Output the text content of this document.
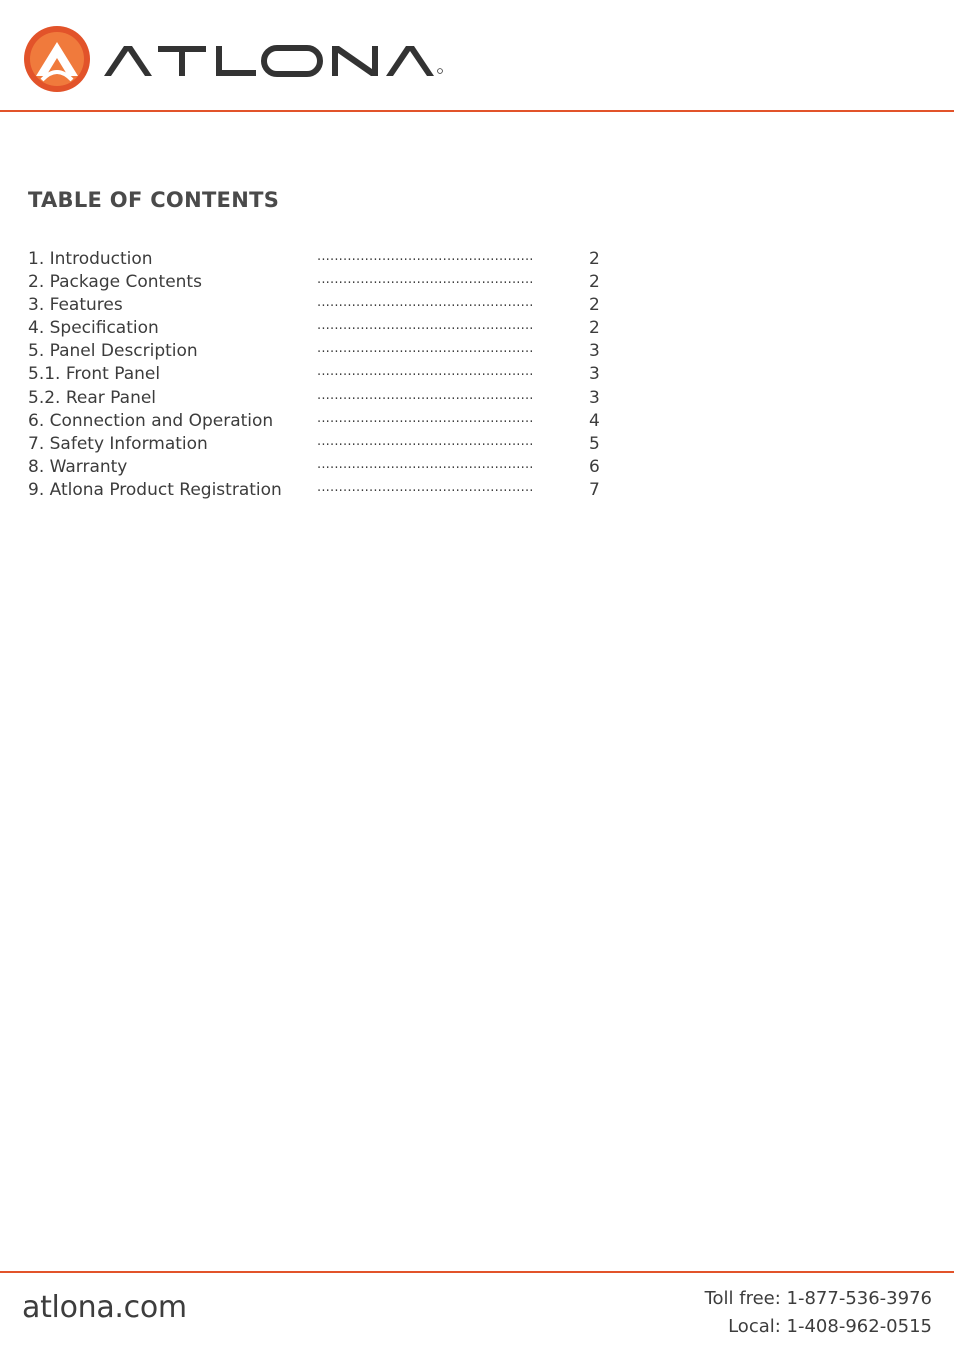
TABLE OF CONTENTS
1. Introduction	..................................................	2
2. Package Contents	..................................................	2
3. Features	..................................................	2
4. Specification	..................................................	2
5. Panel Description	..................................................	3
5.1. Front Panel	..................................................	3
5.2. Rear Panel	..................................................	3
6. Connection and Operation	..................................................	4
7. Safety Information	..................................................	5
8. Warranty	..................................................	6
9. Atlona Product Registration	..................................................	7
atlona.com	Toll free: 1-877-536-3976
Local: 1-408-962-0515
